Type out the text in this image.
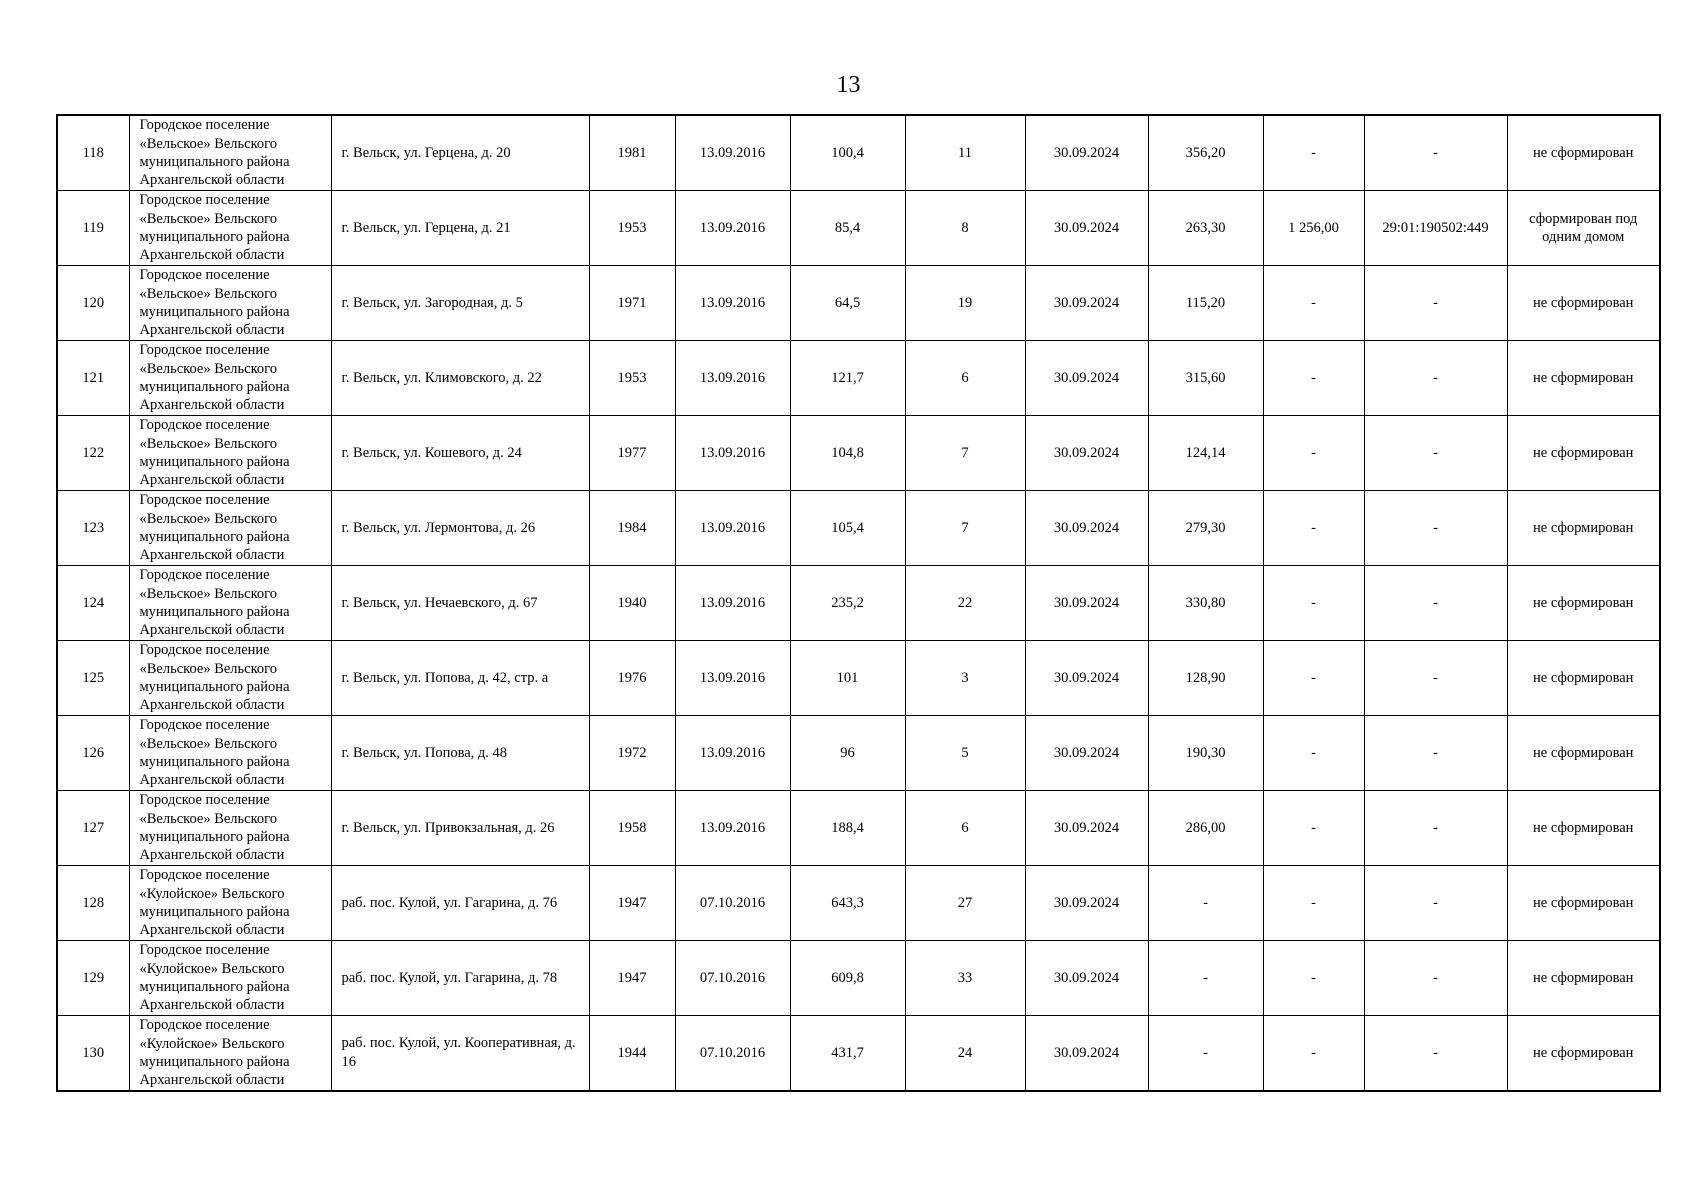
13
118	Городское поселение «Вельское» Вельского муниципального района Архангельской области	г. Вельск, ул. Герцена, д. 20	1981	13.09.2016	100,4	11	30.09.2024	356,20	-	-	не сформирован
119	Городское поселение «Вельское» Вельского муниципального района Архангельской области	г. Вельск, ул. Герцена, д. 21	1953	13.09.2016	85,4	8	30.09.2024	263,30	1 256,00	29:01:190502:449	сформирован под одним домом
120	Городское поселение «Вельское» Вельского муниципального района Архангельской области	г. Вельск, ул. Загородная, д. 5	1971	13.09.2016	64,5	19	30.09.2024	115,20	-	-	не сформирован
121	Городское поселение «Вельское» Вельского муниципального района Архангельской области	г. Вельск, ул. Климовского, д. 22	1953	13.09.2016	121,7	6	30.09.2024	315,60	-	-	не сформирован
122	Городское поселение «Вельское» Вельского муниципального района Архангельской области	г. Вельск, ул. Кошевого, д. 24	1977	13.09.2016	104,8	7	30.09.2024	124,14	-	-	не сформирован
123	Городское поселение «Вельское» Вельского муниципального района Архангельской области	г. Вельск, ул. Лермонтова, д. 26	1984	13.09.2016	105,4	7	30.09.2024	279,30	-	-	не сформирован
124	Городское поселение «Вельское» Вельского муниципального района Архангельской области	г. Вельск, ул. Нечаевского, д. 67	1940	13.09.2016	235,2	22	30.09.2024	330,80	-	-	не сформирован
125	Городское поселение «Вельское» Вельского муниципального района Архангельской области	г. Вельск, ул. Попова, д. 42, стр. а	1976	13.09.2016	101	3	30.09.2024	128,90	-	-	не сформирован
126	Городское поселение «Вельское» Вельского муниципального района Архангельской области	г. Вельск, ул. Попова, д. 48	1972	13.09.2016	96	5	30.09.2024	190,30	-	-	не сформирован
127	Городское поселение «Вельское» Вельского муниципального района Архангельской области	г. Вельск, ул. Привокзальная, д. 26	1958	13.09.2016	188,4	6	30.09.2024	286,00	-	-	не сформирован
128	Городское поселение «Кулойское» Вельского муниципального района Архангельской области	раб. пос. Кулой, ул. Гагарина, д. 76	1947	07.10.2016	643,3	27	30.09.2024	-	-	-	не сформирован
129	Городское поселение «Кулойское» Вельского муниципального района Архангельской области	раб. пос. Кулой, ул. Гагарина, д. 78	1947	07.10.2016	609,8	33	30.09.2024	-	-	-	не сформирован
130	Городское поселение «Кулойское» Вельского муниципального района Архангельской области	раб. пос. Кулой, ул. Кооперативная, д. 16	1944	07.10.2016	431,7	24	30.09.2024	-	-	-	не сформирован
